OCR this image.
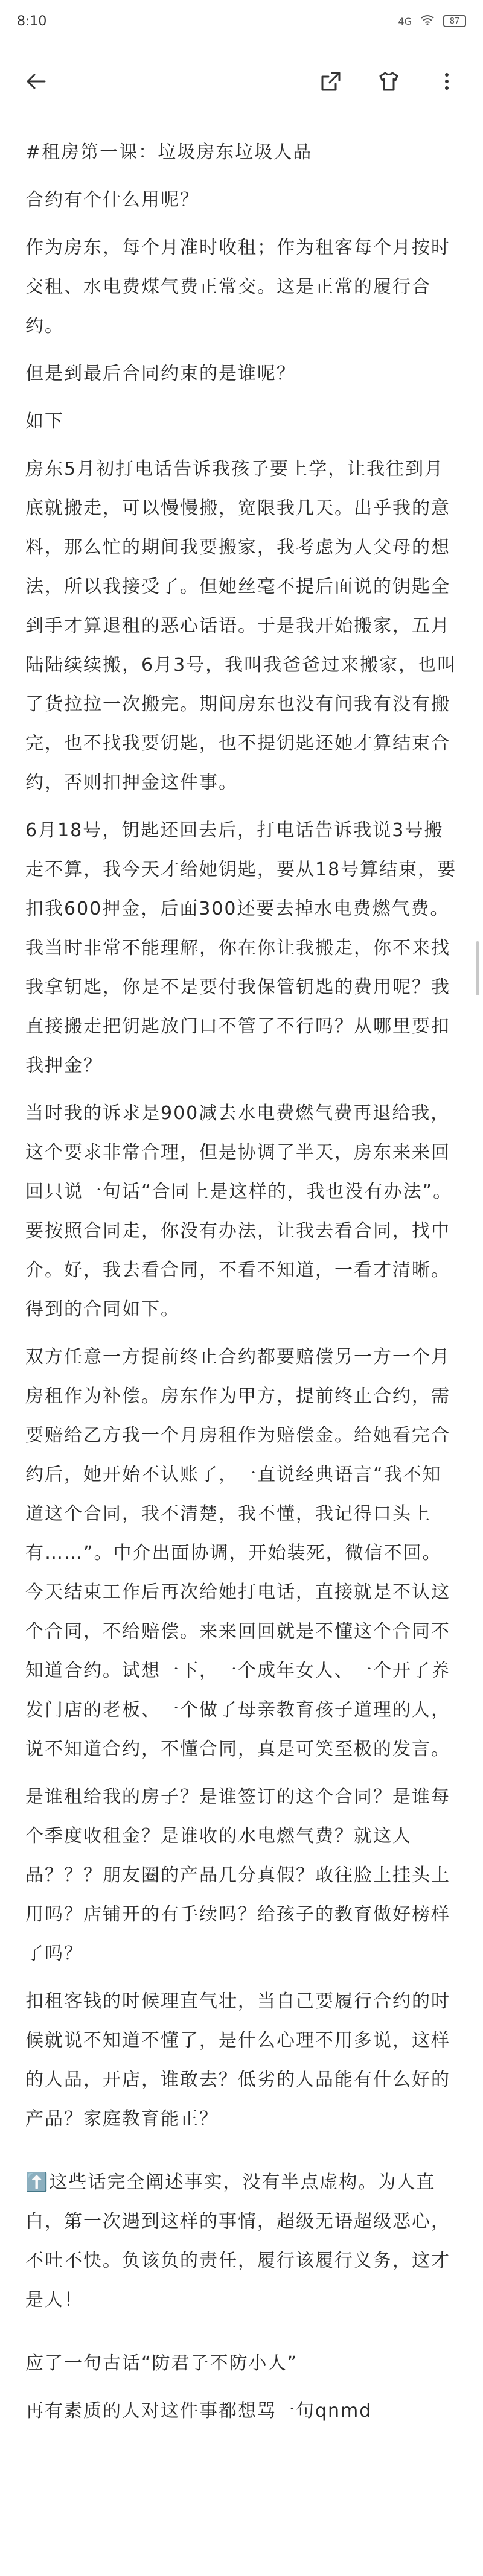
8:10	4G	87

#租房第一课：垃圾房东垃圾人品

合约有个什么用呢？

作为房东，每个月准时收租；作为租客每个月按时交租、水电费煤气费正常交。这是正常的履行合约。

但是到最后合同约束的是谁呢？

如下

房东5月初打电话告诉我孩子要上学，让我往到月底就搬走，可以慢慢搬，宽限我几天。出乎我的意料，那么忙的期间我要搬家，我考虑为人父母的想法，所以我接受了。但她丝毫不提后面说的钥匙全到手才算退租的恶心话语。于是我开始搬家，五月陆陆续续搬，6月3号，我叫我爸爸过来搬家，也叫了货拉拉一次搬完。期间房东也没有问我有没有搬完，也不找我要钥匙，也不提钥匙还她才算结束合约，否则扣押金这件事。

6月18号，钥匙还回去后，打电话告诉我说3号搬走不算，我今天才给她钥匙，要从18号算结束，要扣我600押金，后面300还要去掉水电费燃气费。我当时非常不能理解，你在你让我搬走，你不来找我拿钥匙，你是不是要付我保管钥匙的费用呢？我直接搬走把钥匙放门口不管了不行吗？从哪里要扣我押金？

当时我的诉求是900减去水电费燃气费再退给我，这个要求非常合理，但是协调了半天，房东来来回回只说一句话“合同上是这样的，我也没有办法”。要按照合同走，你没有办法，让我去看合同，找中介。好，我去看合同，不看不知道，一看才清晰。得到的合同如下。

双方任意一方提前终止合约都要赔偿另一方一个月房租作为补偿。房东作为甲方，提前终止合约，需要赔给乙方我一个月房租作为赔偿金。给她看完合约后，她开始不认账了，一直说经典语言“我不知道这个合同，我不清楚，我不懂，我记得口头上有……”。中介出面协调，开始装死，微信不回。今天结束工作后再次给她打电话，直接就是不认这个合同，不给赔偿。来来回回就是不懂这个合同不知道合约。试想一下，一个成年女人、一个开了养发门店的老板、一个做了母亲教育孩子道理的人，说不知道合约，不懂合同，真是可笑至极的发言。

是谁租给我的房子？是谁签订的这个合同？是谁每个季度收租金？是谁收的水电燃气费？就这人品？？？朋友圈的产品几分真假？敢往脸上挂头上用吗？店铺开的有手续吗？给孩子的教育做好榜样了吗？

扣租客钱的时候理直气壮，当自己要履行合约的时候就说不知道不懂了，是什么心理不用多说，这样的人品，开店，谁敢去？低劣的人品能有什么好的产品？家庭教育能正？

⬆️这些话完全阐述事实，没有半点虚构。为人直白，第一次遇到这样的事情，超级无语超级恶心，不吐不快。负该负的责任，履行该履行义务，这才是人！

应了一句古话“防君子不防小人”

再有素质的人对这件事都想骂一句qnmd
